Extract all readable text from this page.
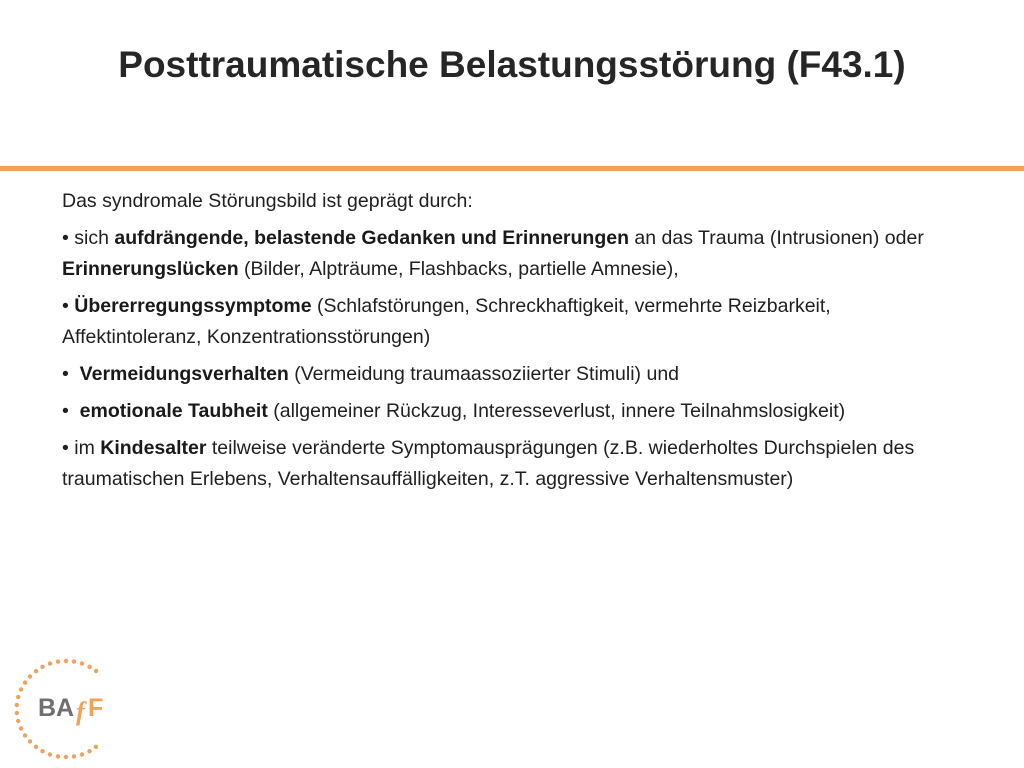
Posttraumatische Belastungsstörung (F43.1)

Das syndromale Störungsbild ist geprägt durch:

• sich aufdrängende, belastende Gedanken und Erinnerungen an das Trauma (Intrusionen) oder Erinnerungslücken (Bilder, Alpträume, Flashbacks, partielle Amnesie),

• Übererregungssymptome (Schlafstörungen, Schreckhaftigkeit, vermehrte Reizbarkeit, Affektintoleranz, Konzentrationsstörungen)

•  Vermeidungsverhalten (Vermeidung traumaassoziierter Stimuli) und

•  emotionale Taubheit (allgemeiner Rückzug, Interesseverlust, innere Teilnahmslosigkeit)

• im Kindesalter teilweise veränderte Symptomausprägungen (z.B. wiederholtes Durchspielen des traumatischen Erlebens, Verhaltensauffälligkeiten, z.T. aggressive Verhaltensmuster)

BA f F
